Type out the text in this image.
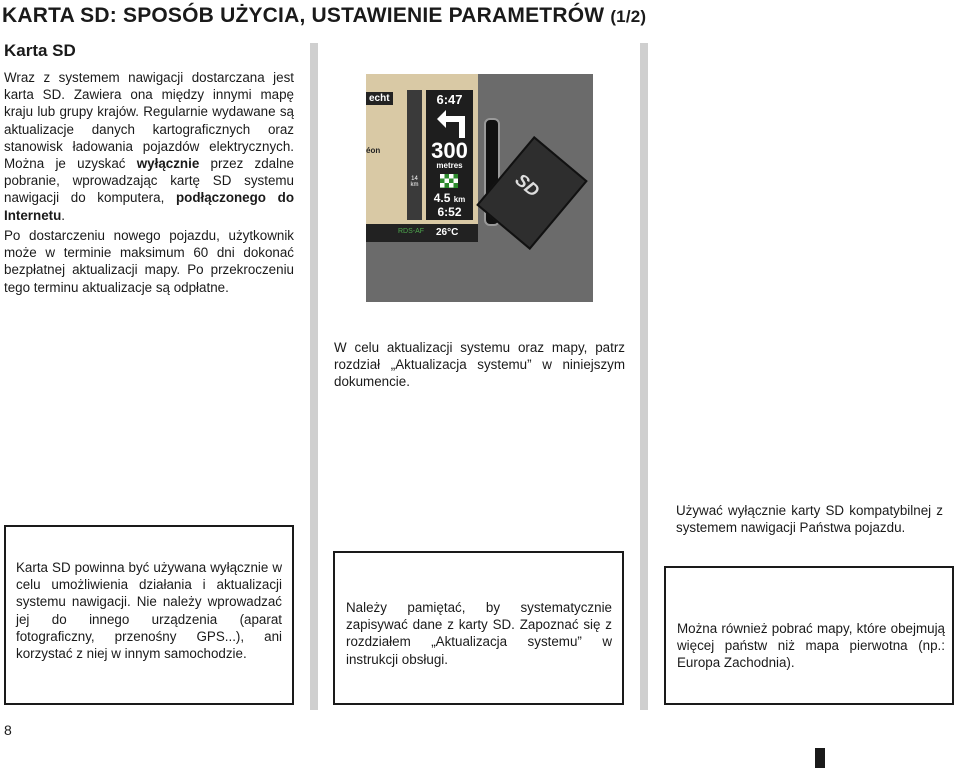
KARTA SD: SPOSÓB UŻYCIA, USTAWIENIE PARAMETRÓW (1/2)
Karta SD

Wraz z systemem nawigacji dostarczana jest karta SD. Zawiera ona między innymi mapę kraju lub grupy krajów. Regularnie wydawane są aktualizacje danych kartograficznych oraz stanowisk ładowania pojazdów elektrycznych. Można je uzyskać wyłącznie przez zdalne pobranie, wprowadzając kartę SD systemu nawigacji do komputera, podłączonego do Internetu.

Po dostarczeniu nowego pojazdu, użytkownik może w terminie maksimum 60 dni dokonać bezpłatnej aktualizacji mapy. Po przekroczeniu tego terminu aktualizacje są odpłatne.

echt
éon
14 km
6:47
300
metres
4.5 km
6:52
RDS-AF 26°C
SD

W celu aktualizacji systemu oraz mapy, patrz rozdział „Aktualizacja systemu” w niniejszym dokumencie.

Używać wyłącznie karty SD kompatybilnej z systemem nawigacji Państwa pojazdu.

Karta SD powinna być używana wyłącznie w celu umożliwienia działania i aktualizacji systemu nawigacji. Nie należy wprowadzać jej do innego urządzenia (aparat fotograficzny, przenośny GPS...), ani korzystać z niej w innym samochodzie.

Należy pamiętać, by systematycznie zapisywać dane z karty SD. Zapoznać się z rozdziałem „Aktualizacja systemu” w instrukcji obsługi.

Można również pobrać mapy, które obejmują więcej państw niż mapa pierwotna (np.: Europa Zachodnia).

8
